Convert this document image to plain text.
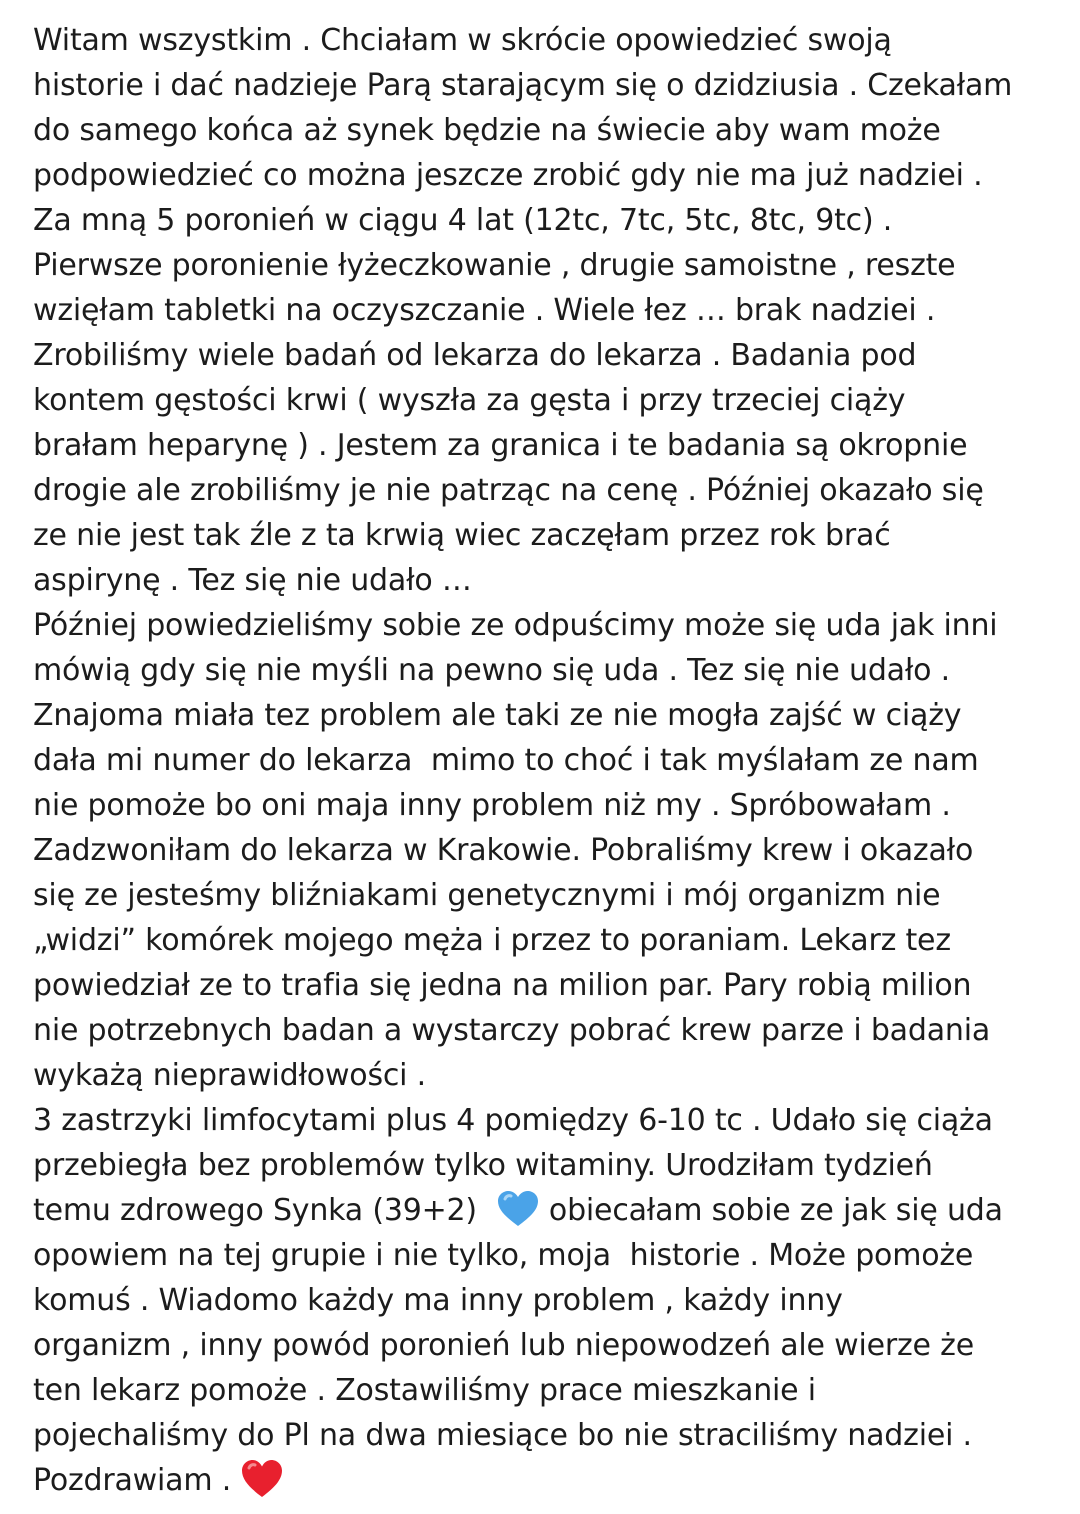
Witam wszystkim . Chciałam w skrócie opowiedzieć swoją
historie i dać nadzieje Parą starającym się o dzidziusia . Czekałam
do samego końca aż synek będzie na świecie aby wam może
podpowiedzieć co można jeszcze zrobić gdy nie ma już nadziei .
Za mną 5 poronień w ciągu 4 lat (12tc, 7tc, 5tc, 8tc, 9tc) .
Pierwsze poronienie łyżeczkowanie , drugie samoistne , reszte
wzięłam tabletki na oczyszczanie . Wiele łez … brak nadziei .
Zrobiliśmy wiele badań od lekarza do lekarza . Badania pod
kontem gęstości krwi ( wyszła za gęsta i przy trzeciej ciąży
brałam heparynę ) . Jestem za granica i te badania są okropnie
drogie ale zrobiliśmy je nie patrząc na cenę . Później okazało się
ze nie jest tak źle z ta krwią wiec zaczęłam przez rok brać
aspirynę . Tez się nie udało …
Później powiedzieliśmy sobie ze odpuścimy może się uda jak inni
mówią gdy się nie myśli na pewno się uda . Tez się nie udało .
Znajoma miała tez problem ale taki ze nie mogła zajść w ciąży
dała mi numer do lekarza  mimo to choć i tak myślałam ze nam
nie pomoże bo oni maja inny problem niż my . Spróbowałam .
Zadzwoniłam do lekarza w Krakowie. Pobraliśmy krew i okazało
się ze jesteśmy bliźniakami genetycznymi i mój organizm nie
„widzi” komórek mojego męża i przez to poraniam. Lekarz tez
powiedział ze to trafia się jedna na milion par. Pary robią milion
nie potrzebnych badan a wystarczy pobrać krew parze i badania
wykażą nieprawidłowości .
3 zastrzyki limfocytami plus 4 pomiędzy 6-10 tc . Udało się ciąża
przebiegła bez problemów tylko witaminy. Urodziłam tydzień
temu zdrowego Synka (39+2)
obiecałam sobie ze jak się uda
opowiem na tej grupie i nie tylko, moja  historie . Może pomoże
komuś . Wiadomo każdy ma inny problem , każdy inny
organizm , inny powód poronień lub niepowodzeń ale wierze że
ten lekarz pomoże . Zostawiliśmy prace mieszkanie i
pojechaliśmy do Pl na dwa miesiące bo nie straciliśmy nadziei .
Pozdrawiam .
